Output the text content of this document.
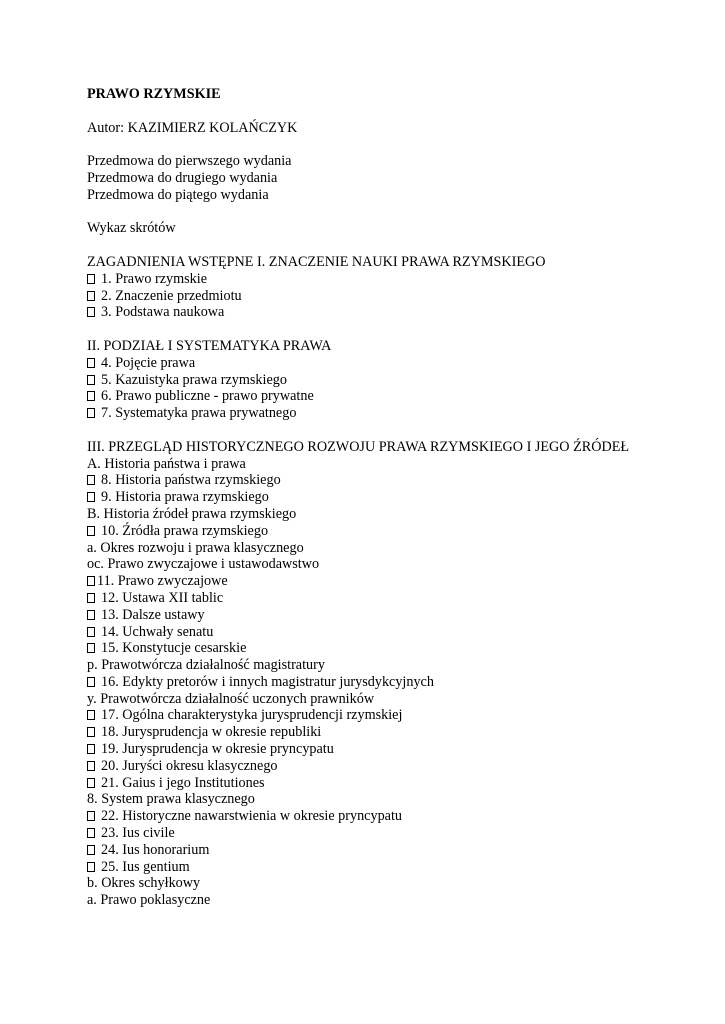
PRAWO RZYMSKIE
Autor: KAZIMIERZ KOLAŃCZYK
Przedmowa do pierwszego wydania
Przedmowa do drugiego wydania
Przedmowa do piątego wydania
Wykaz skrótów
ZAGADNIENIA WSTĘPNE I. ZNACZENIE NAUKI PRAWA RZYMSKIEGO
1. Prawo rzymskie
2. Znaczenie przedmiotu
3. Podstawa naukowa
II. PODZIAŁ I SYSTEMATYKA PRAWA
4. Pojęcie prawa
5. Kazuistyka prawa rzymskiego
6. Prawo publiczne - prawo prywatne
7. Systematyka prawa prywatnego
III. PRZEGLĄD HISTORYCZNEGO ROZWOJU PRAWA RZYMSKIEGO I JEGO ŹRÓDEŁ
A. Historia państwa i prawa
8. Historia państwa rzymskiego
9. Historia prawa rzymskiego
B. Historia źródeł prawa rzymskiego
10. Źródła prawa rzymskiego
a. Okres rozwoju i prawa klasycznego
oc. Prawo zwyczajowe i ustawodawstwo
11. Prawo zwyczajowe
12. Ustawa XII tablic
13. Dalsze ustawy
14. Uchwały senatu
15. Konstytucje cesarskie
p. Prawotwórcza działalność magistratury
16. Edykty pretorów i innych magistratur jurysdykcyjnych
y. Prawotwórcza działalność uczonych prawników
17. Ogólna charakterystyka jurysprudencji rzymskiej
18. Jurysprudencja w okresie republiki
19. Jurysprudencja w okresie pryncypatu
20. Juryści okresu klasycznego
21. Gaius i jego Institutiones
8. System prawa klasycznego
22. Historyczne nawarstwienia w okresie pryncypatu
23. Ius civile
24. Ius honorarium
25. Ius gentium
b. Okres schyłkowy
a. Prawo poklasyczne
